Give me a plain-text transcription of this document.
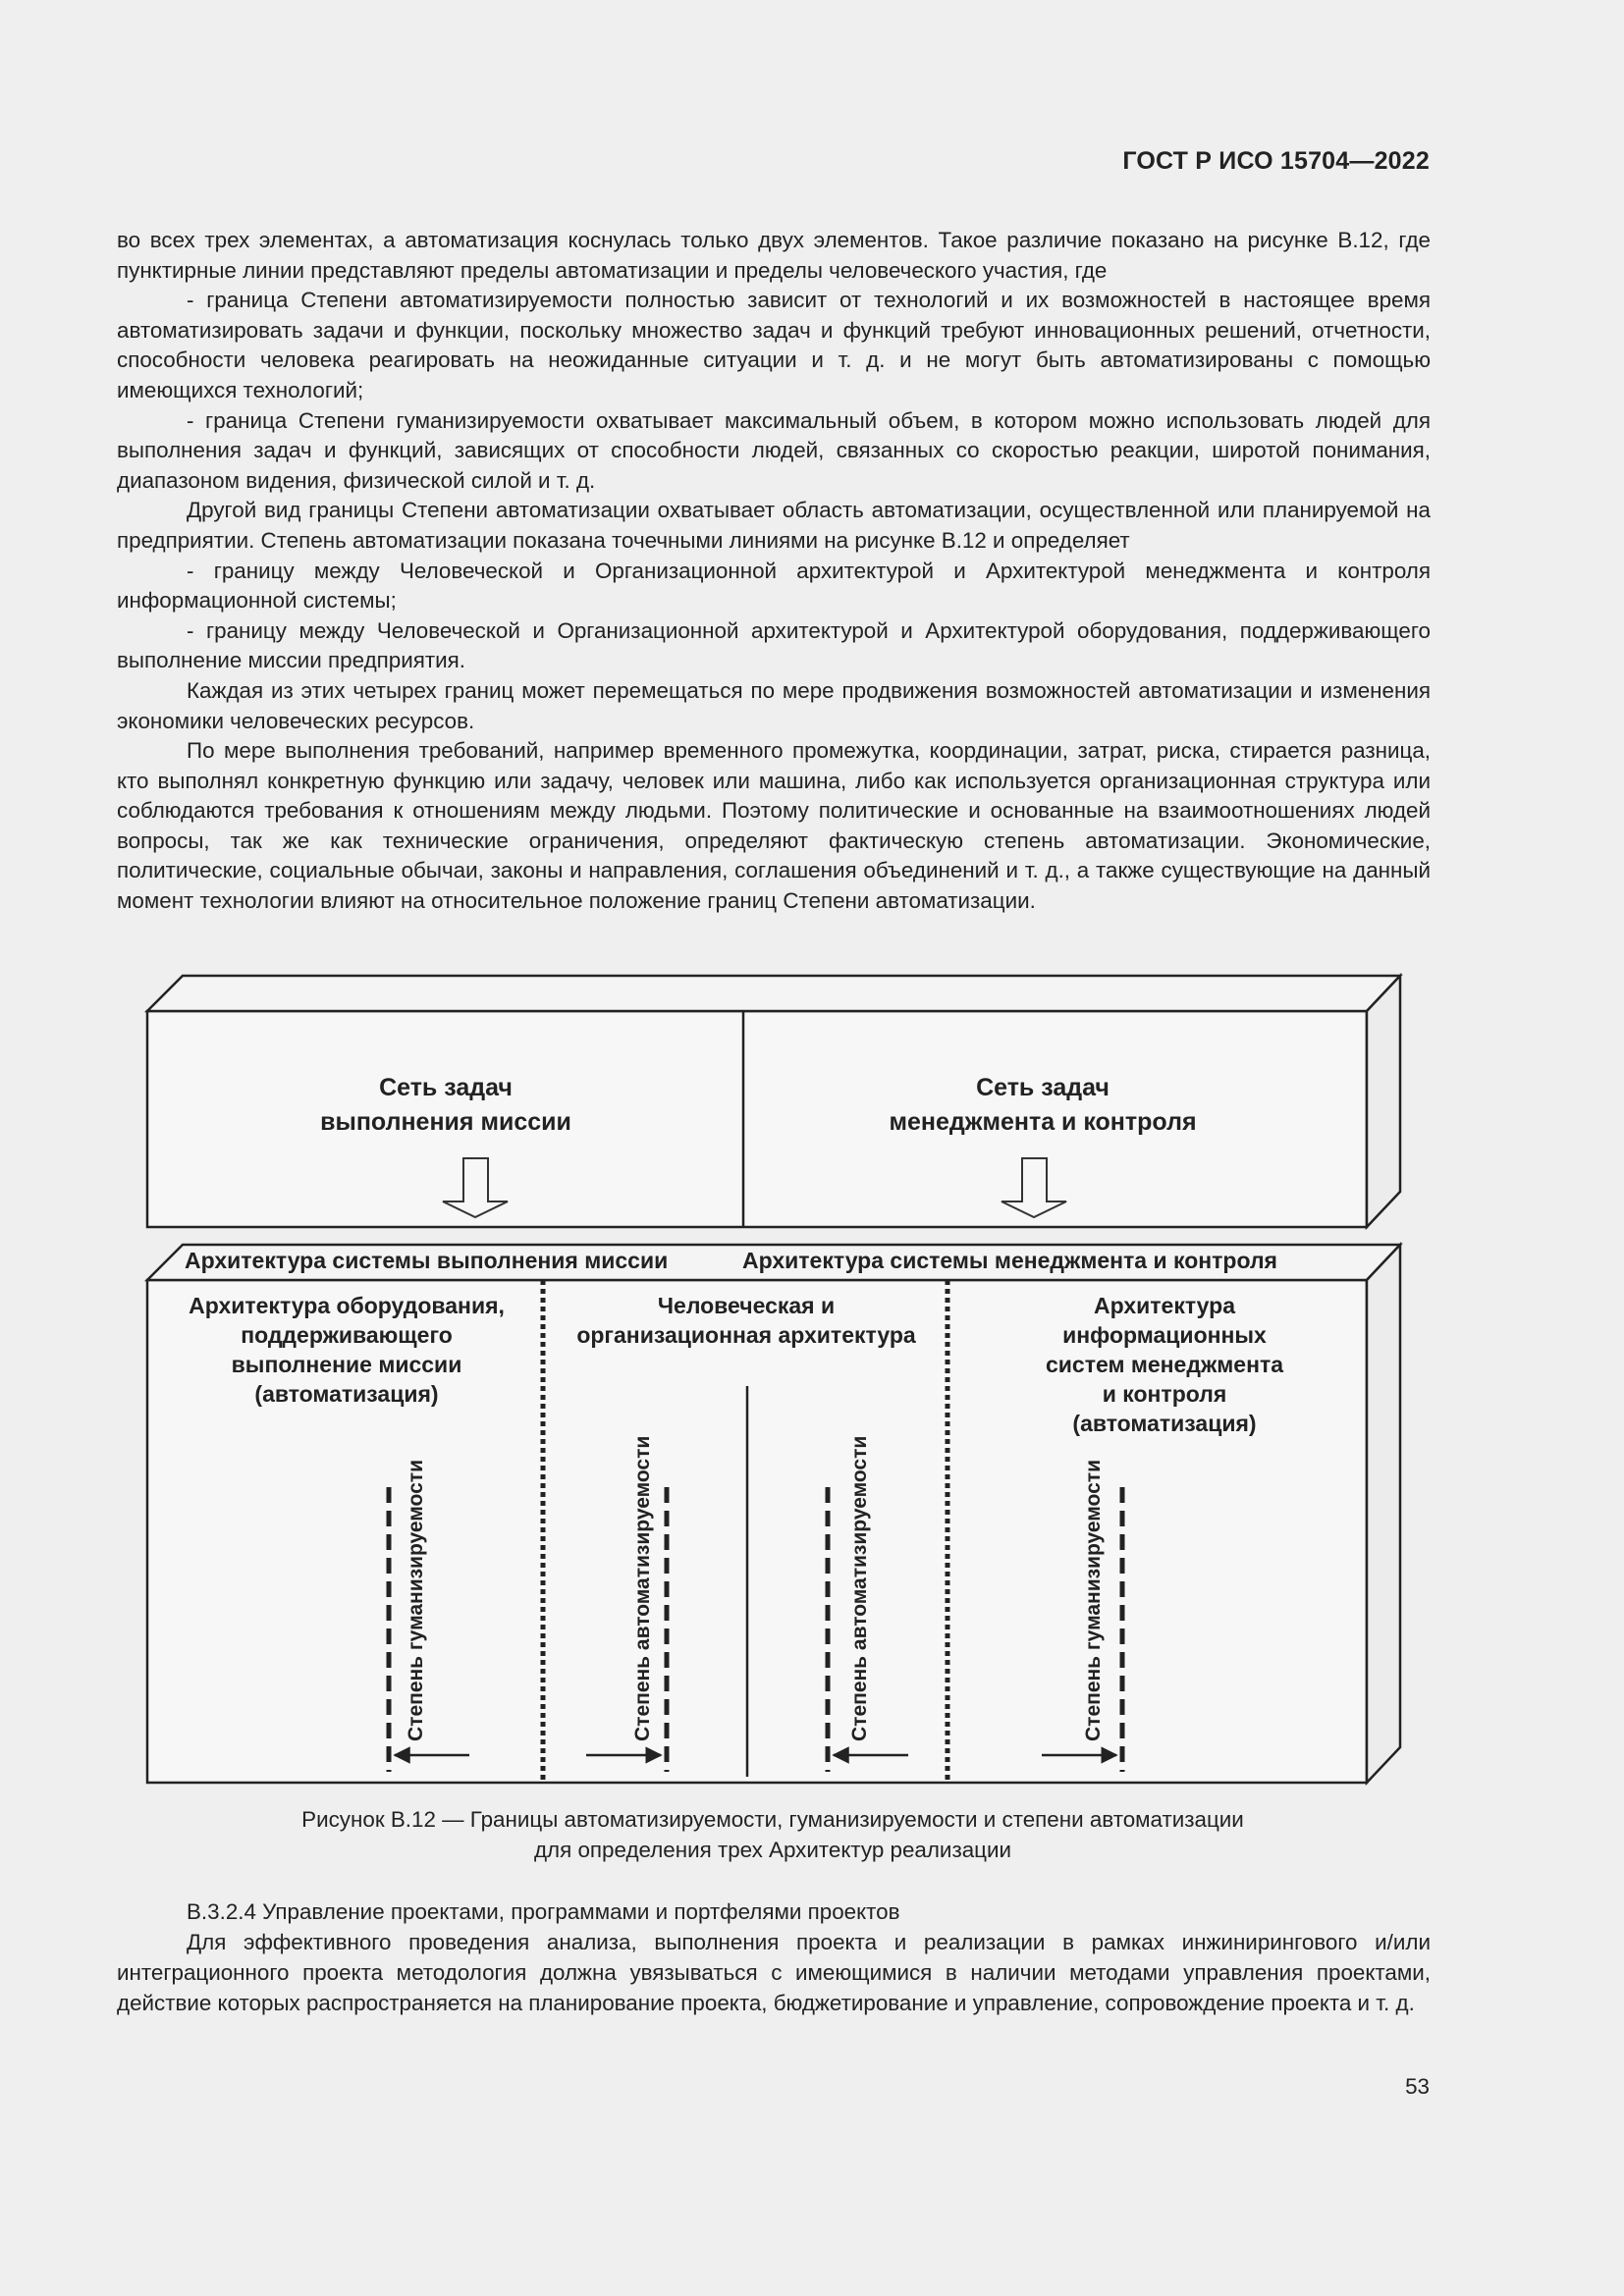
ГОСТ Р ИСО 15704—2022

во всех трех элементах, а автоматизация коснулась только двух элементов. Такое различие показано на рисунке В.12, где пунктирные линии представляют пределы автоматизации и пределы человеческого участия, где

- граница Степени автоматизируемости полностью зависит от технологий и их возможностей в настоящее время автоматизировать задачи и функции, поскольку множество задач и функций требуют инновационных решений, отчетности, способности человека реагировать на неожиданные ситуации и т. д. и не могут быть автоматизированы с помощью имеющихся технологий;

- граница Степени гуманизируемости охватывает максимальный объем, в котором можно использовать людей для выполнения задач и функций, зависящих от способности людей, связанных со скоростью реакции, широтой понимания, диапазоном видения, физической силой и т. д.

Другой вид границы Степени автоматизации охватывает область автоматизации, осуществленной или планируемой на предприятии. Степень автоматизации показана точечными линиями на рисунке В.12 и определяет

- границу между Человеческой и Организационной архитектурой и Архитектурой менеджмента и контроля информационной системы;

- границу между Человеческой и Организационной архитектурой и Архитектурой оборудования, поддерживающего выполнение миссии предприятия.

Каждая из этих четырех границ может перемещаться по мере продвижения возможностей автоматизации и изменения экономики человеческих ресурсов.

По мере выполнения требований, например временного промежутка, координации, затрат, риска, стирается разница, кто выполнял конкретную функцию или задачу, человек или машина, либо как используется организационная структура или соблюдаются требования к отношениям между людьми. Поэтому политические и основанные на взаимоотношениях людей вопросы, так же как технические ограничения, определяют фактическую степень автоматизации. Экономические, политические, социальные обычаи, законы и направления, соглашения объединений и т. д., а также существующие на данный момент технологии влияют на относительное положение границ Степени автоматизации.

Сеть задач
выполнения миссии
Сеть задач
менеджмента и контроля
Архитектура системы выполнения миссии	Архитектура системы менеджмента и контроля
Архитектура оборудования,
поддерживающего
выполнение миссии
(автоматизация)
Человеческая и
организационная архитектура
Архитектура
информационных
систем менеджмента
и контроля
(автоматизация)
Степень гуманизируемости	Степень автоматизируемости	Степень автоматизируемости	Степень гуманизируемости
Рисунок В.12 — Границы автоматизируемости, гуманизируемости и степени автоматизации
для определения трех Архитектур реализации

В.3.2.4 Управление проектами, программами и портфелями проектов

Для эффективного проведения анализа, выполнения проекта и реализации в рамках инжинирингового и/или интеграционного проекта методология должна увязываться с имеющимися в наличии методами управления проектами, действие которых распространяется на планирование проекта, бюджетирование и управление, сопровождение проекта и т. д.

53
